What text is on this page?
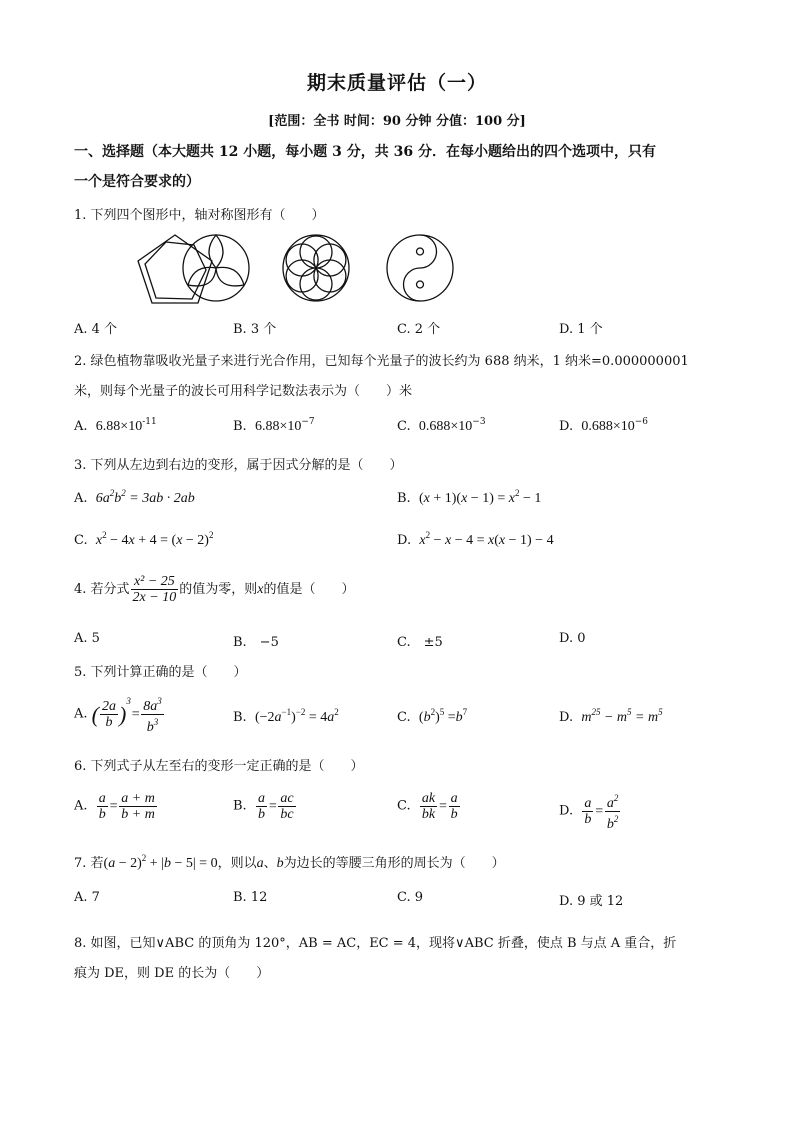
期末质量评估（一）
[范围：全书 时间：90 分钟 分值：100 分]
一、选择题（本大题共 12 小题，每小题 3 分，共 36 分．在每小题给出的四个选项中，只有
一个是符合要求的）
1. 下列四个图形中，轴对称图形有（　　）
A. 4 个	B. 3 个	C. 2 个	D. 1 个
2. 绿色植物靠吸收光量子来进行光合作用，已知每个光量子的波长约为 688 纳米，1 纳米=0.000000001
米，则每个光量子的波长可用科学记数法表示为（　　）米
A. $6.88\times 10^{-11}$	B. $6.88\times 10^{-7}$	C. $0.688\times 10^{-3}$	D. $0.688\times 10^{-6}$
3. 下列从左边到右边的变形，属于因式分解的是（　　）
A. $6a^2b^2 = 3ab \cdot 2ab$	B. $(x + 1)(x - 1) = x^2 - 1$
C. $x^2 - 4x + 4 = (x - 2)^2$	D. $x^2 - x - 4 = x(x - 1) - 4$
4. 若分式 $\frac{\text{x² − 25}}{2x - 10}$ 的值为零，则x的值是（　　）
A. 5	B.　−5	C.　±5	D. 0
5. 下列计算正确的是（　　）
A. ( $\frac{2a}{b} )^3= \frac{8a^3}{b^3}$	B. $(-2a^{-1})^{-2} = 4a^2$	C. $(b^2)^5 =b^7$	D. $m^{25} - m^5 = m^5$
6. 下列式子从左至右的变形一定正确的是（　　）
A. $\frac{a}{b} = \frac{a + m}{b + m}$	B. $\frac{a}{b} = \frac{ac}{bc}$	C. $\frac{ak}{bk} = \frac{a}{b}$	D. $\frac{a}{b} = \frac{a^2}{b^2}$
7. 若$(a - 2)^2 + |b - 5| = 0$，则以a、b为边长的等腰三角形的周长为（　　）
A. 7	B. 12	C. 9	D. 9 或 12
8. 如图，已知∨ABC 的顶角为 120°，AB = AC，EC = 4，现将∨ABC 折叠，使点 B 与点 A 重合，折
痕为 DE，则 DE 的长为（　　）
